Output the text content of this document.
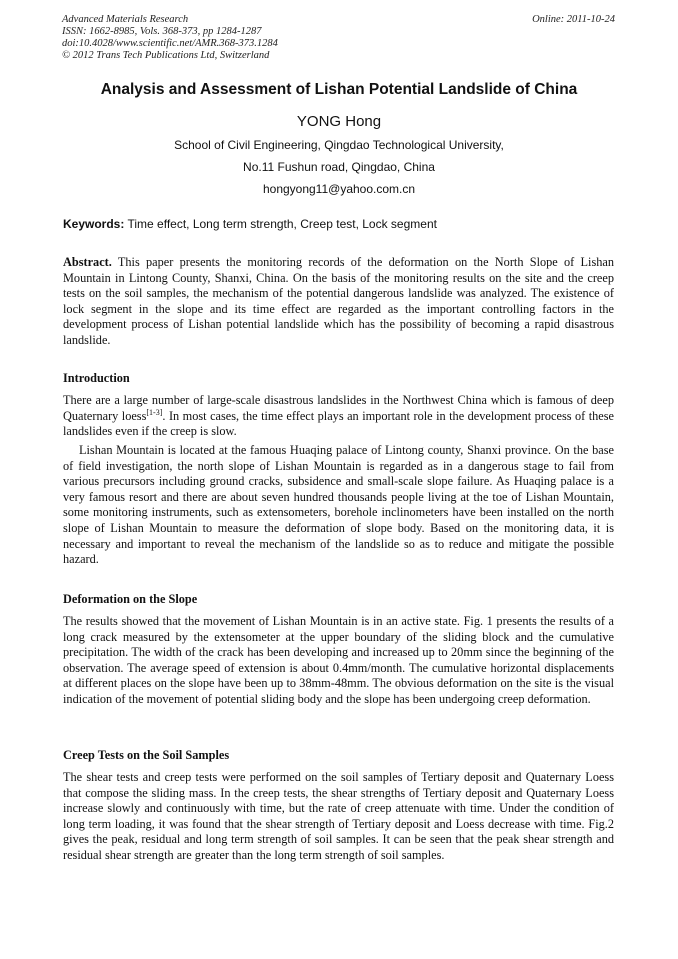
Advanced Materials Research
ISSN: 1662-8985, Vols. 368-373, pp 1284-1287
doi:10.4028/www.scientific.net/AMR.368-373.1284
© 2012 Trans Tech Publications Ltd, Switzerland
Online: 2011-10-24
Analysis and Assessment of Lishan Potential Landslide of China
YONG Hong
School of Civil Engineering, Qingdao Technological University,
No.11 Fushun road, Qingdao, China
hongyong11@yahoo.com.cn
Keywords: Time effect, Long term strength, Creep test, Lock segment
Abstract. This paper presents the monitoring records of the deformation on the North Slope of Lishan Mountain in Lintong County, Shanxi, China. On the basis of the monitoring results on the site and the creep tests on the soil samples, the mechanism of the potential dangerous landslide was analyzed. The existence of lock segment in the slope and its time effect are regarded as the important controlling factors in the development process of Lishan potential landslide which has the possibility of becoming a rapid disastrous landslide.
Introduction
There are a large number of large-scale disastrous landslides in the Northwest China which is famous of deep Quaternary loess[1-3]. In most cases, the time effect plays an important role in the development process of these landslides even if the creep is slow.
Lishan Mountain is located at the famous Huaqing palace of Lintong county, Shanxi province. On the base of field investigation, the north slope of Lishan Mountain is regarded as in a dangerous stage to fail from various precursors including ground cracks, subsidence and small-scale slope failure. As Huaqing palace is a very famous resort and there are about seven hundred thousands people living at the toe of Lishan Mountain, some monitoring instruments, such as extensometers, borehole inclinometers have been installed on the north slope of Lishan Mountain to measure the deformation of slope body. Based on the monitoring data, it is necessary and important to reveal the mechanism of the landslide so as to reduce and mitigate the possible hazard.
Deformation on the Slope
The results showed that the movement of Lishan Mountain is in an active state. Fig. 1 presents the results of a long crack measured by the extensometer at the upper boundary of the sliding block and the cumulative precipitation. The width of the crack has been developing and increased up to 20mm since the beginning of the observation. The average speed of extension is about 0.4mm/month. The cumulative horizontal displacements at different places on the slope have been up to 38mm-48mm. The obvious deformation on the site is the visual indication of the movement of potential sliding body and the slope has been undergoing creep deformation.
Creep Tests on the Soil Samples
The shear tests and creep tests were performed on the soil samples of Tertiary deposit and Quaternary Loess that compose the sliding mass. In the creep tests, the shear strengths of Tertiary deposit and Quaternary Loess increase slowly and continuously with time, but the rate of creep attenuate with time. Under the condition of long term loading, it was found that the shear strength of Tertiary deposit and Loess decrease with time. Fig.2 gives the peak, residual and long term strength of soil samples. It can be seen that the peak shear strength and residual shear strength are greater than the long term strength of soil samples.
